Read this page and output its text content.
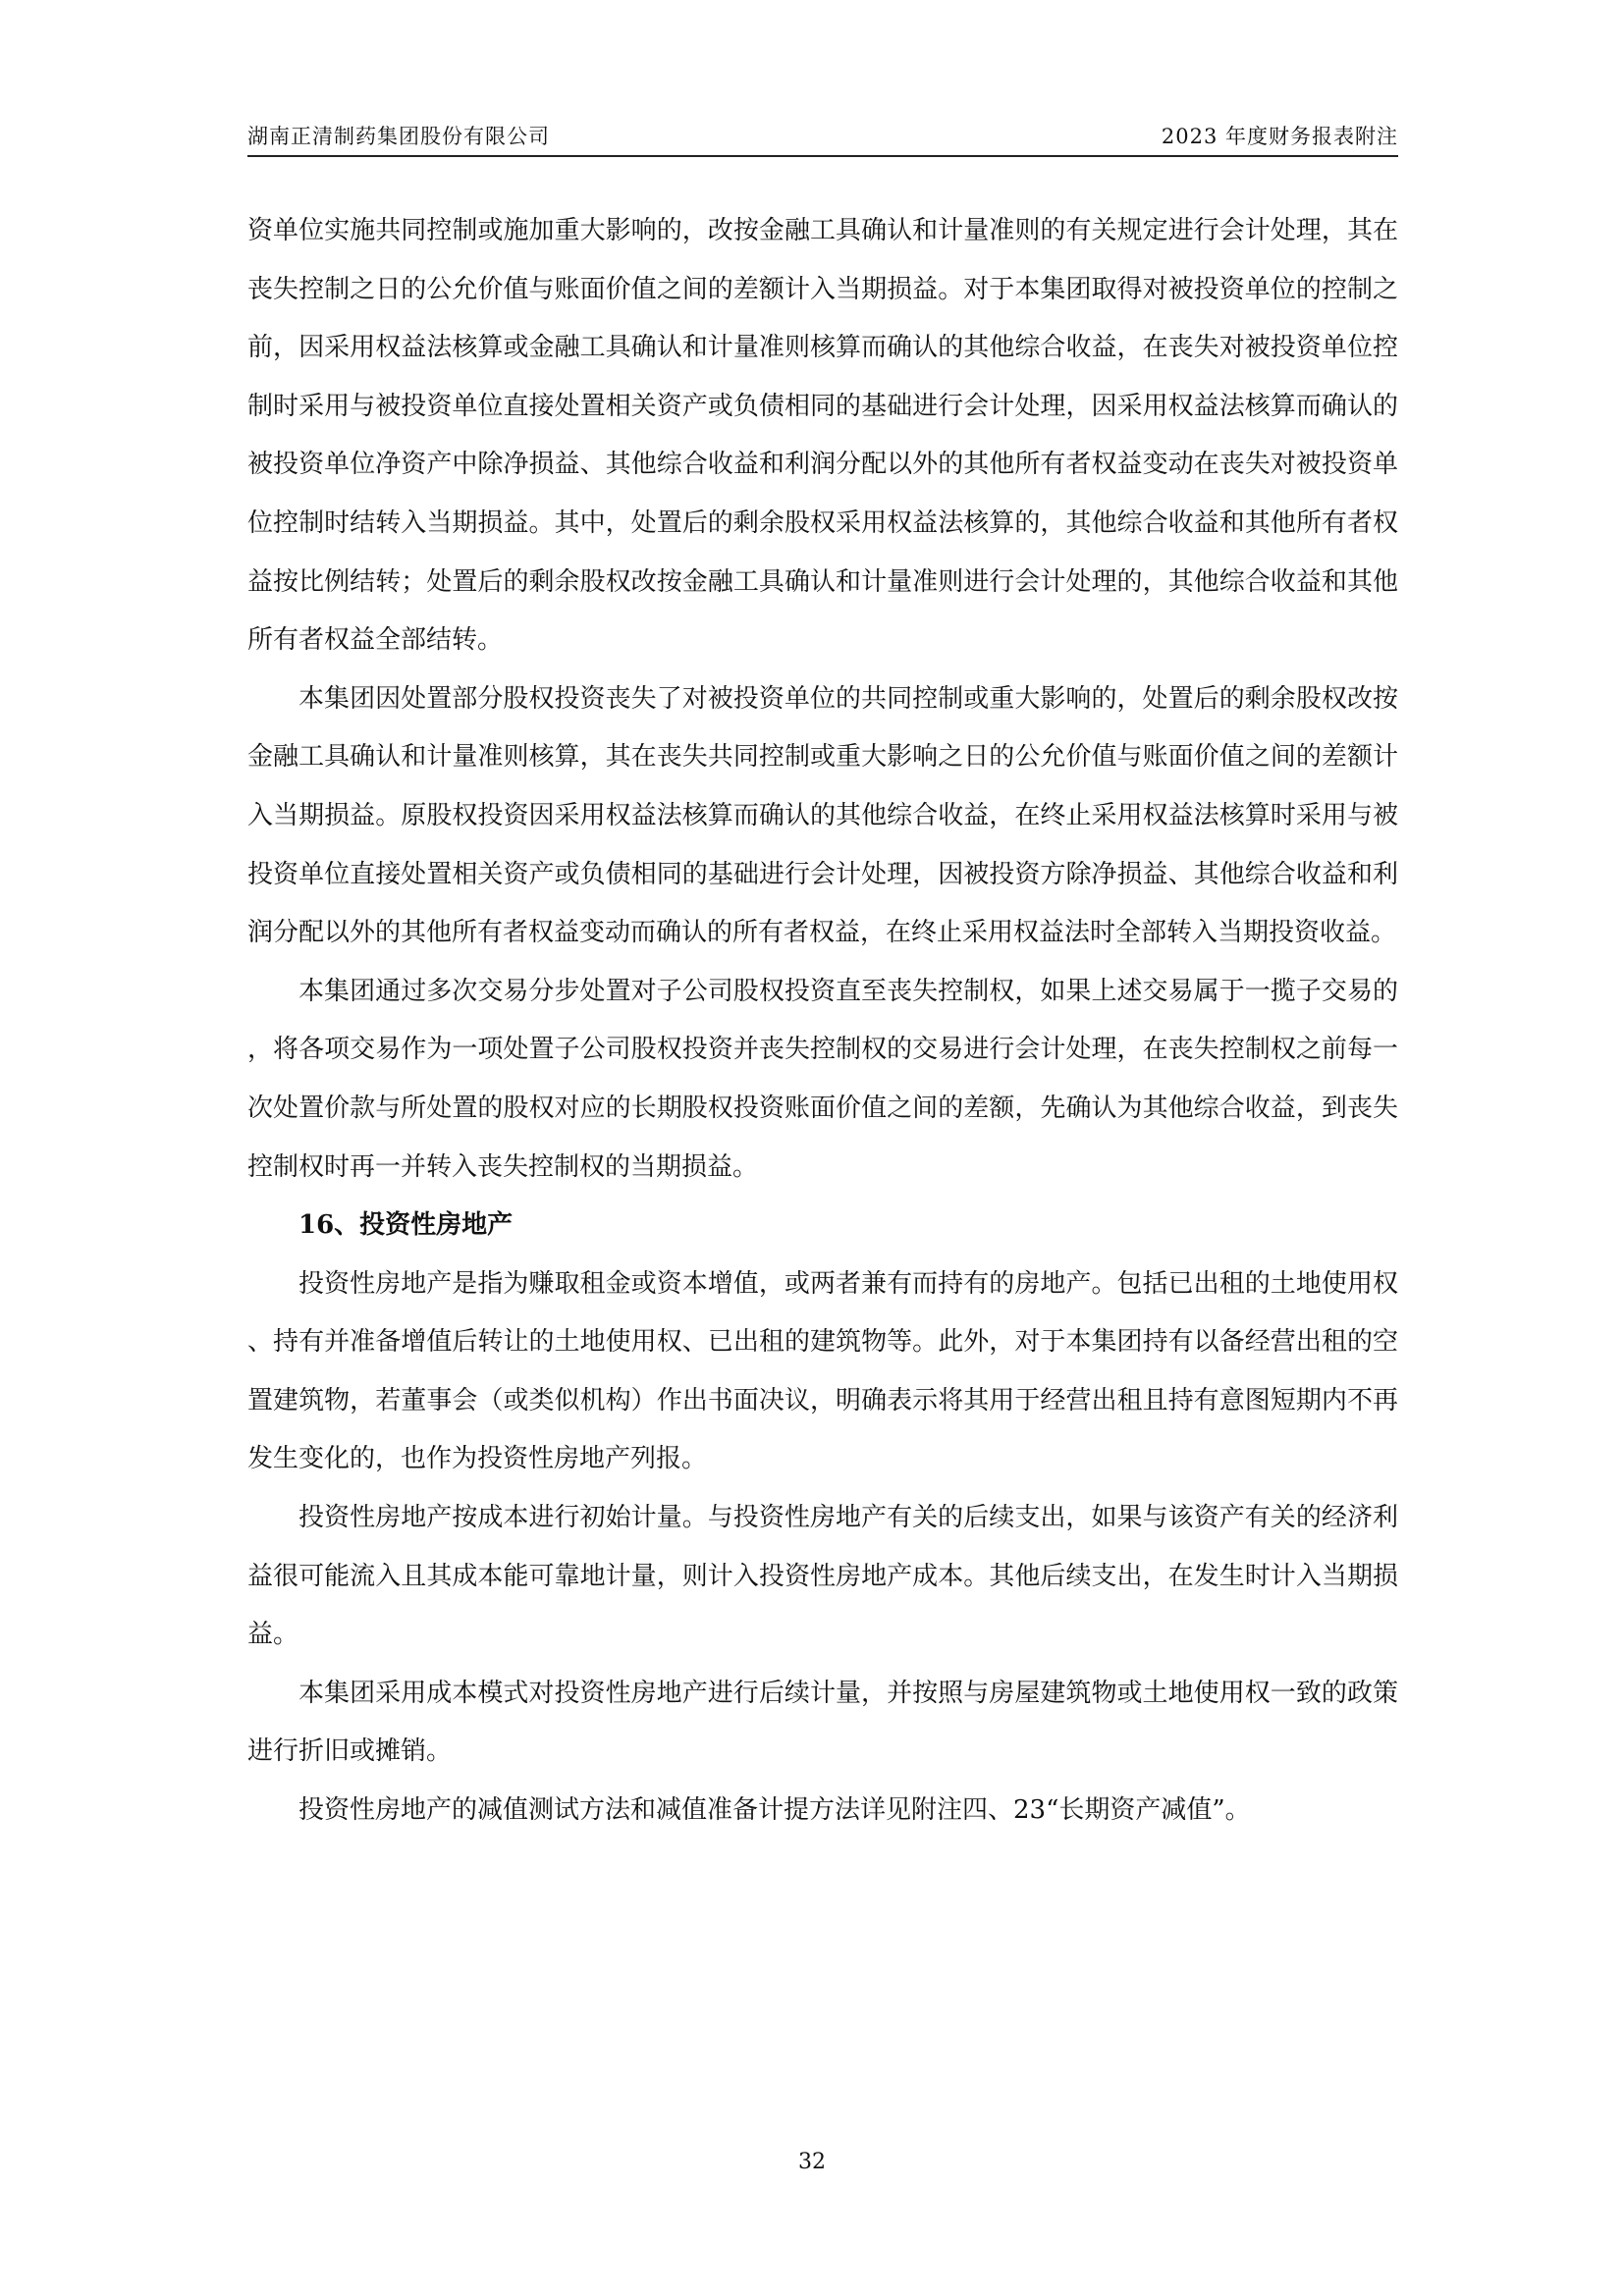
湖南正清制药集团股份有限公司	2023 年度财务报表附注

资单位实施共同控制或施加重大影响的，改按金融工具确认和计量准则的有关规定进行会计处理，其在丧失控制之日的公允价值与账面价值之间的差额计入当期损益。对于本集团取得对被投资单位的控制之前，因采用权益法核算或金融工具确认和计量准则核算而确认的其他综合收益，在丧失对被投资单位控制时采用与被投资单位直接处置相关资产或负债相同的基础进行会计处理，因采用权益法核算而确认的被投资单位净资产中除净损益、其他综合收益和利润分配以外的其他所有者权益变动在丧失对被投资单位控制时结转入当期损益。其中，处置后的剩余股权采用权益法核算的，其他综合收益和其他所有者权益按比例结转；处置后的剩余股权改按金融工具确认和计量准则进行会计处理的，其他综合收益和其他所有者权益全部结转。

本集团因处置部分股权投资丧失了对被投资单位的共同控制或重大影响的，处置后的剩余股权改按金融工具确认和计量准则核算，其在丧失共同控制或重大影响之日的公允价值与账面价值之间的差额计入当期损益。原股权投资因采用权益法核算而确认的其他综合收益，在终止采用权益法核算时采用与被投资单位直接处置相关资产或负债相同的基础进行会计处理，因被投资方除净损益、其他综合收益和利润分配以外的其他所有者权益变动而确认的所有者权益，在终止采用权益法时全部转入当期投资收益。

本集团通过多次交易分步处置对子公司股权投资直至丧失控制权，如果上述交易属于一揽子交易的，将各项交易作为一项处置子公司股权投资并丧失控制权的交易进行会计处理，在丧失控制权之前每一次处置价款与所处置的股权对应的长期股权投资账面价值之间的差额，先确认为其他综合收益，到丧失控制权时再一并转入丧失控制权的当期损益。

16、投资性房地产

投资性房地产是指为赚取租金或资本增值，或两者兼有而持有的房地产。包括已出租的土地使用权、持有并准备增值后转让的土地使用权、已出租的建筑物等。此外，对于本集团持有以备经营出租的空置建筑物，若董事会（或类似机构）作出书面决议，明确表示将其用于经营出租且持有意图短期内不再发生变化的，也作为投资性房地产列报。

投资性房地产按成本进行初始计量。与投资性房地产有关的后续支出，如果与该资产有关的经济利益很可能流入且其成本能可靠地计量，则计入投资性房地产成本。其他后续支出，在发生时计入当期损益。

本集团采用成本模式对投资性房地产进行后续计量，并按照与房屋建筑物或土地使用权一致的政策进行折旧或摊销。

投资性房地产的减值测试方法和减值准备计提方法详见附注四、23“长期资产减值”。

32
